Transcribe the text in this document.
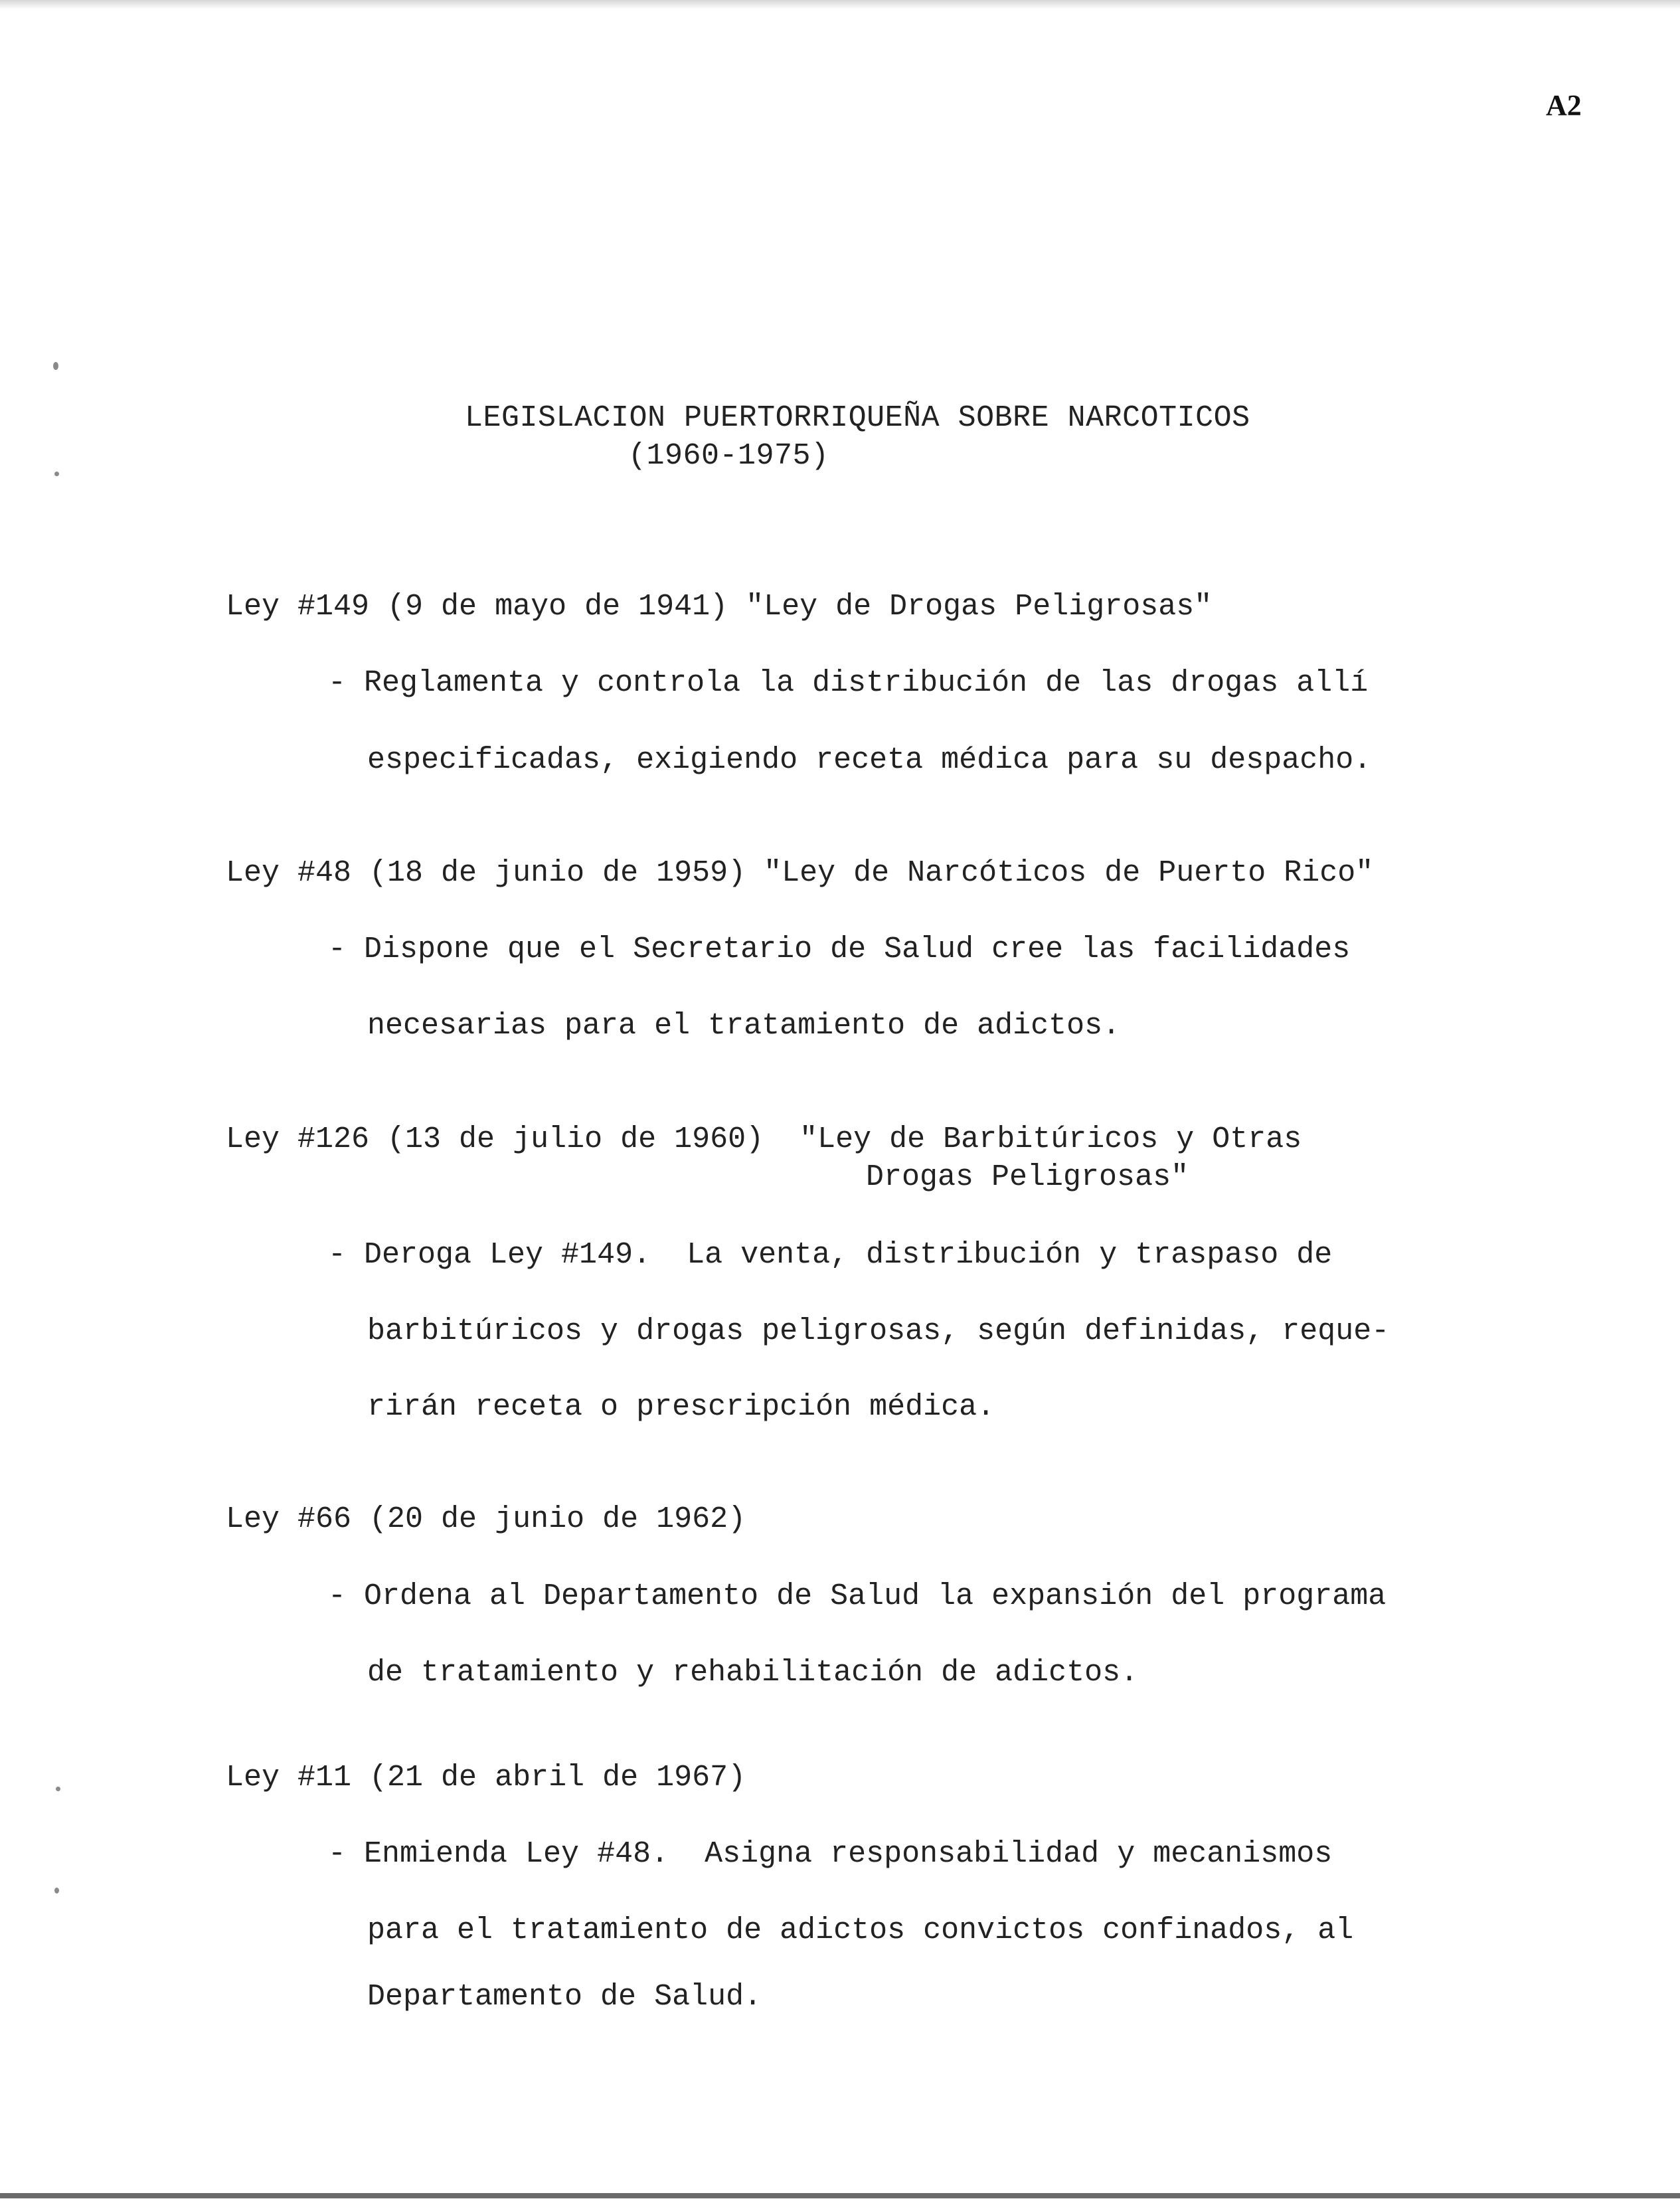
A2
LEGISLACION PUERTORRIQUEÑA SOBRE NARCOTICOS
(1960-1975)
Ley #149 (9 de mayo de 1941) "Ley de Drogas Peligrosas"
- Reglamenta y controla la distribución de las drogas allí
especificadas, exigiendo receta médica para su despacho.
Ley #48 (18 de junio de 1959) "Ley de Narcóticos de Puerto Rico"
- Dispone que el Secretario de Salud cree las facilidades
necesarias para el tratamiento de adictos.
Ley #126 (13 de julio de 1960)  "Ley de Barbitúricos y Otras
Drogas Peligrosas"
- Deroga Ley #149.  La venta, distribución y traspaso de
barbitúricos y drogas peligrosas, según definidas, reque-
rirán receta o prescripción médica.
Ley #66 (20 de junio de 1962)
- Ordena al Departamento de Salud la expansión del programa
de tratamiento y rehabilitación de adictos.
Ley #11 (21 de abril de 1967)
- Enmienda Ley #48.  Asigna responsabilidad y mecanismos
para el tratamiento de adictos convictos confinados, al
Departamento de Salud.
